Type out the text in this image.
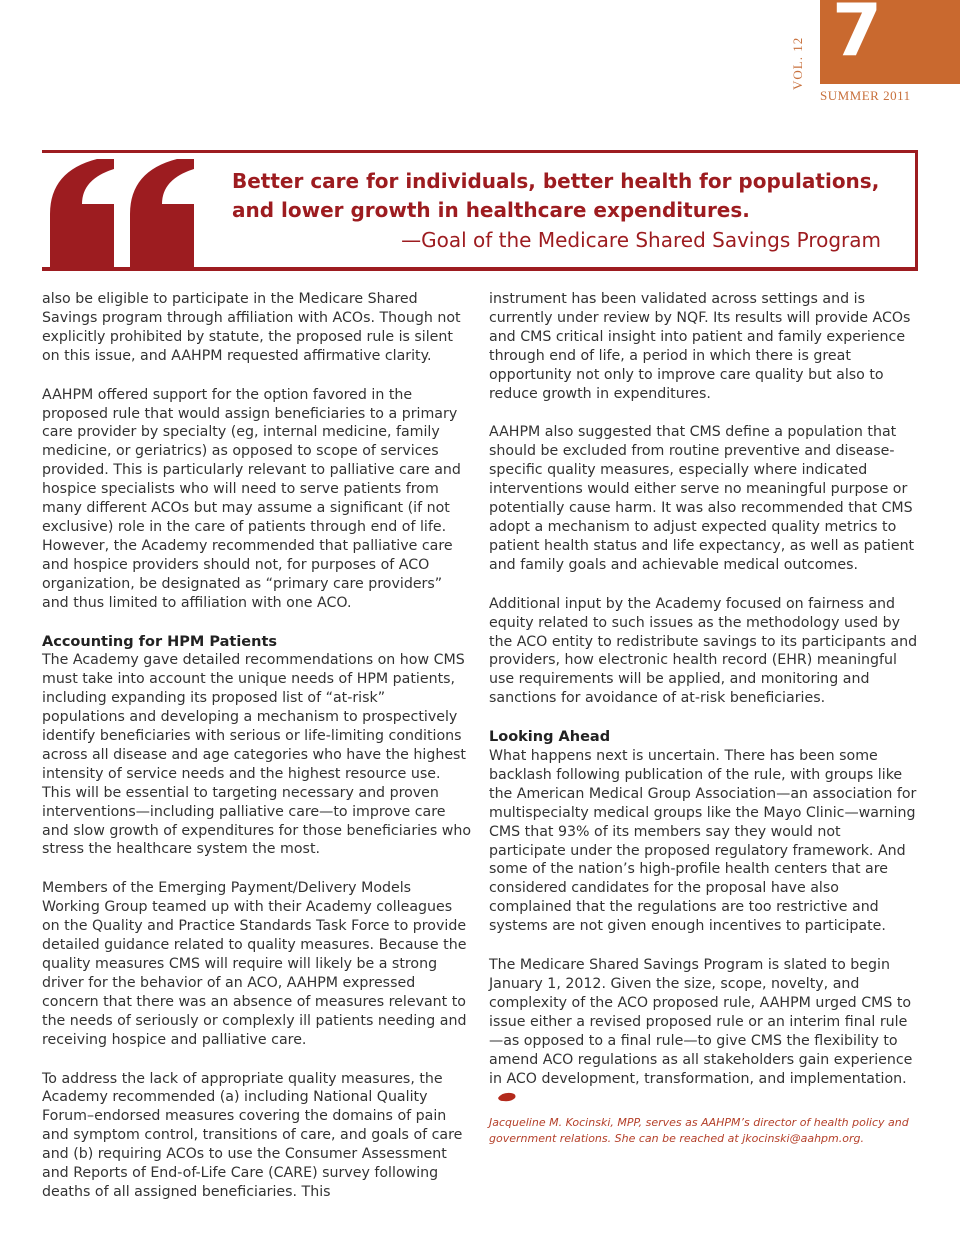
VOL. 12 7
SUMMER 2011
Better care for individuals, better health for populations,
and lower growth in healthcare expenditures.
—Goal of the Medicare Shared Savings Program

also be eligible to participate in the Medicare Shared Savings program through affiliation with ACOs. Though not explicitly prohibited by statute, the proposed rule is silent on this issue, and AAHPM requested affirmative clarity.

AAHPM offered support for the option favored in the proposed rule that would assign beneficiaries to a primary care provider by specialty (eg, internal medicine, family medicine, or geriatrics) as opposed to scope of services provided. This is particularly relevant to palliative care and hospice specialists who will need to serve patients from many different ACOs but may assume a significant (if not exclusive) role in the care of patients through end of life. However, the Academy recommended that palliative care and hospice providers should not, for purposes of ACO organization, be designated as “primary care providers” and thus limited to affiliation with one ACO.

Accounting for HPM Patients

The Academy gave detailed recommendations on how CMS must take into account the unique needs of HPM patients, including expanding its proposed list of “at-risk” populations and developing a mechanism to prospectively identify beneficiaries with serious or life-limiting conditions across all disease and age categories who have the highest intensity of service needs and the highest resource use. This will be essential to targeting necessary and proven interventions—including palliative care—to improve care and slow growth of expenditures for those beneficiaries who stress the healthcare system the most.

Members of the Emerging Payment/Delivery Models Working Group teamed up with their Academy colleagues on the Quality and Practice Standards Task Force to provide detailed guidance related to quality measures. Because the quality measures CMS will require will likely be a strong driver for the behavior of an ACO, AAHPM expressed concern that there was an absence of measures relevant to the needs of seriously or complexly ill patients needing and receiving hospice and palliative care.

To address the lack of appropriate quality measures, the Academy recommended (a) including National Quality Forum–endorsed measures covering the domains of pain and symptom control, transitions of care, and goals of care and (b) requiring ACOs to use the Consumer Assessment and Reports of End-of-Life Care (CARE) survey following deaths of all assigned beneficiaries. This

instrument has been validated across settings and is currently under review by NQF. Its results will provide ACOs and CMS critical insight into patient and family experience through end of life, a period in which there is great opportunity not only to improve care quality but also to reduce growth in expenditures.

AAHPM also suggested that CMS define a population that should be excluded from routine preventive and disease-specific quality measures, especially where indicated interventions would either serve no meaningful purpose or potentially cause harm. It was also recommended that CMS adopt a mechanism to adjust expected quality metrics to patient health status and life expectancy, as well as patient and family goals and achievable medical outcomes.

Additional input by the Academy focused on fairness and equity related to such issues as the methodology used by the ACO entity to redistribute savings to its participants and providers, how electronic health record (EHR) meaningful use requirements will be applied, and monitoring and sanctions for avoidance of at-risk beneficiaries.

Looking Ahead

What happens next is uncertain. There has been some backlash following publication of the rule, with groups like the American Medical Group Association—an association for multispecialty medical groups like the Mayo Clinic—warning CMS that 93% of its members say they would not participate under the proposed regulatory framework. And some of the nation’s high-profile health centers that are considered candidates for the proposal have also complained that the regulations are too restrictive and systems are not given enough incentives to participate.

The Medicare Shared Savings Program is slated to begin January 1, 2012. Given the size, scope, novelty, and complexity of the ACO proposed rule, AAHPM urged CMS to issue either a revised proposed rule or an interim final rule—as opposed to a final rule—to give CMS the flexibility to amend ACO regulations as all stakeholders gain experience in ACO development, transformation, and implementation.

Jacqueline M. Kocinski, MPP, serves as AAHPM’s director of health policy and government relations. She can be reached at jkocinski@aahpm.org.
